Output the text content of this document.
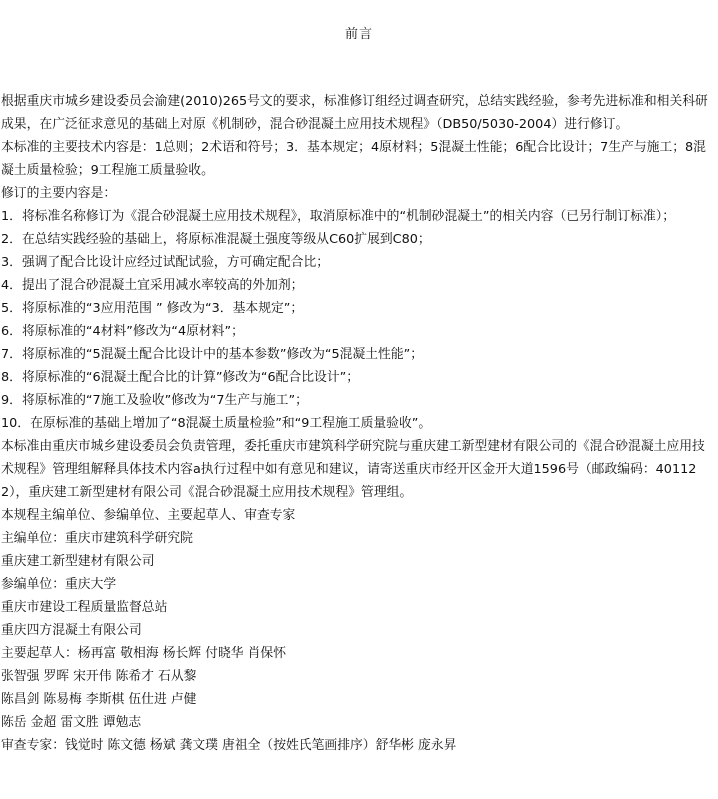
前言

根据重庆市城乡建设委员会渝建(2010)265号文的要求，标准修订组经过调查研究，总结实践经验，参考先进标准和相关科研成果，在广泛征求意见的基础上对原《机制砂，混合砂混凝土应用技术规程》（DB50/5030-2004）进行修订。

本标准的主要技术内容是：1总则；2术语和符号；3．基本规定；4原材料；5混凝土性能；6配合比设计；7生产与施工；8混凝土质量检验；9工程施工质量验收。

修订的主要内容是：

1．将标准名称修订为《混合砂混凝土应用技术规程》，取消原标准中的“机制砂混凝土”的相关内容（已另行制订标准）；

2．在总结实践经验的基础上，将原标准混凝土强度等级从C60扩展到C80；

3．强调了配合比设计应经过试配试验，方可确定配合比；

4．提出了混合砂混凝土宜采用减水率较高的外加剂；

5．将原标准的“3应用范围 ” 修改为“3．基本规定”；

6．将原标准的“4材料”修改为“4原材料”；

7．将原标准的“5混凝土配合比设计中的基本参数”修改为“5混凝土性能”；

8．将原标准的“6混凝土配合比的计算”修改为“6配合比设计”；

9．将原标准的“7施工及验收”修改为“7生产与施工”；

10．在原标准的基础上增加了“8混凝土质量检验”和“9工程施工质量验收”。

本标准由重庆市城乡建设委员会负责管理，委托重庆市建筑科学研究院与重庆建工新型建材有限公司的《混合砂混凝土应用技术规程》管理组解释具体技术内容a执行过程中如有意见和建议，请寄送重庆市经开区金开大道1596号（邮政编码：401122），重庆建工新型建材有限公司《混合砂混凝土应用技术规程》管理组。

本规程主编单位、参编单位、主要起草人、审查专家

主编单位：重庆市建筑科学研究院

重庆建工新型建材有限公司

参编单位：重庆大学

重庆市建设工程质量监督总站

重庆四方混凝土有限公司

主要起草人：杨再富 敬相海 杨长辉 付晓华 肖保怀

张智强 罗晖 宋开伟 陈希才 石从黎

陈昌剑 陈易梅 李斯棋 伍仕进 卢健

陈岳 金超 雷文胜 谭勉志

审查专家：钱觉时 陈文德 杨斌 龚文璞 唐祖全（按姓氏笔画排序）舒华彬 庞永昇
